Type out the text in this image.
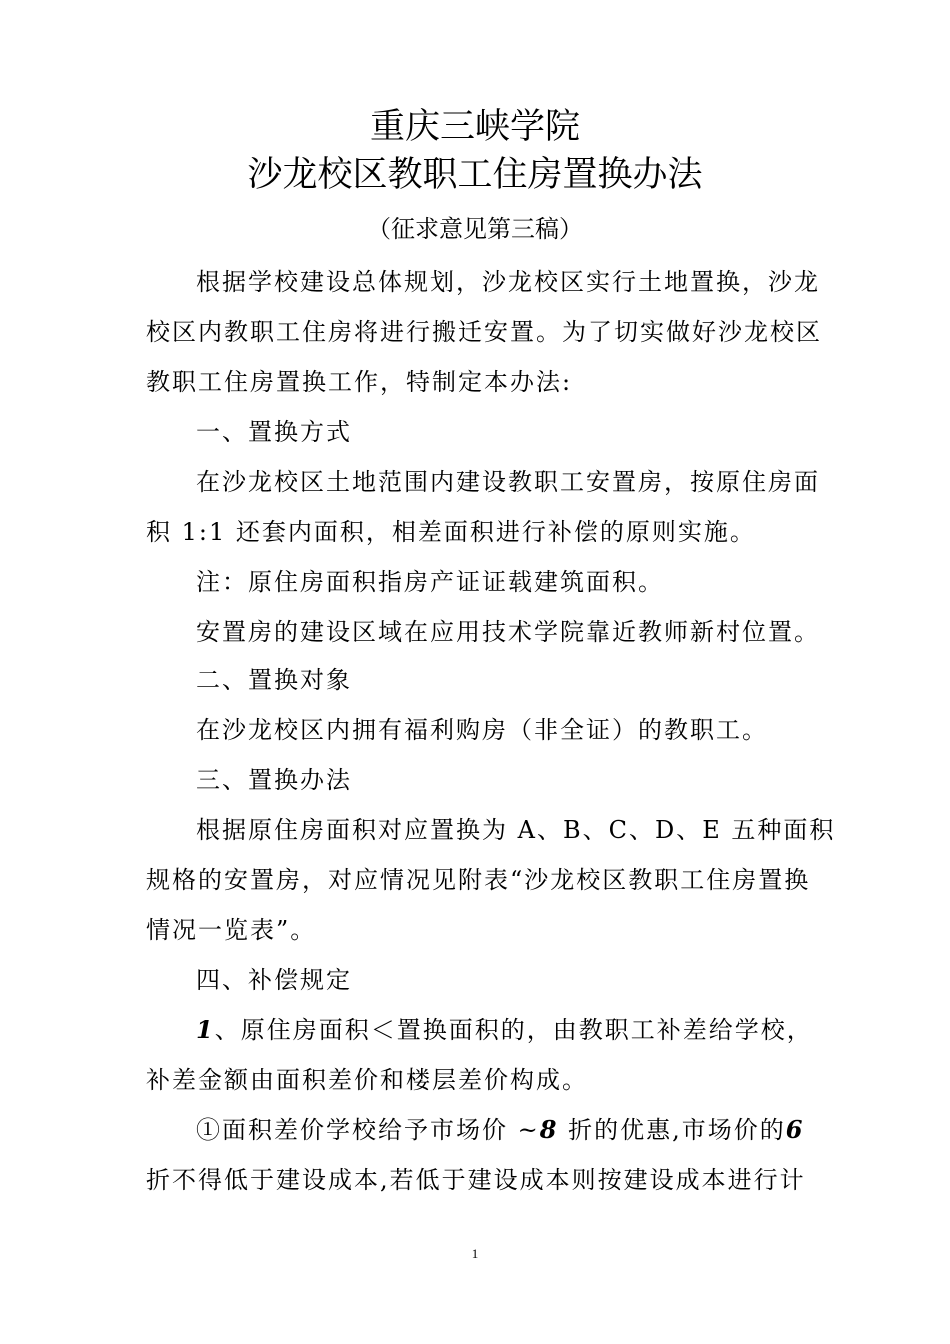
重庆三峡学院
沙龙校区教职工住房置换办法
（征求意见第三稿）
根据学校建设总体规划，沙龙校区实行土地置换，沙龙
校区内教职工住房将进行搬迁安置。为了切实做好沙龙校区
教职工住房置换工作，特制定本办法:
一、置换方式
在沙龙校区土地范围内建设教职工安置房，按原住房面
积 1:1 还套内面积，相差面积进行补偿的原则实施。
注：原住房面积指房产证证载建筑面积。
安置房的建设区域在应用技术学院靠近教师新村位置。
二、置换对象
在沙龙校区内拥有福利购房（非全证）的教职工。
三、置换办法
根据原住房面积对应置换为 A、B、C、D、E 五种面积
规格的安置房，对应情况见附表“沙龙校区教职工住房置换
情况一览表”。
四、补偿规定
1、原住房面积＜置换面积的，由教职工补差给学校，
补差金额由面积差价和楼层差价构成。
①面积差价学校给予市场价 ~8 折的优惠,市场价的6
折不得低于建设成本,若低于建设成本则按建设成本进行计
1
